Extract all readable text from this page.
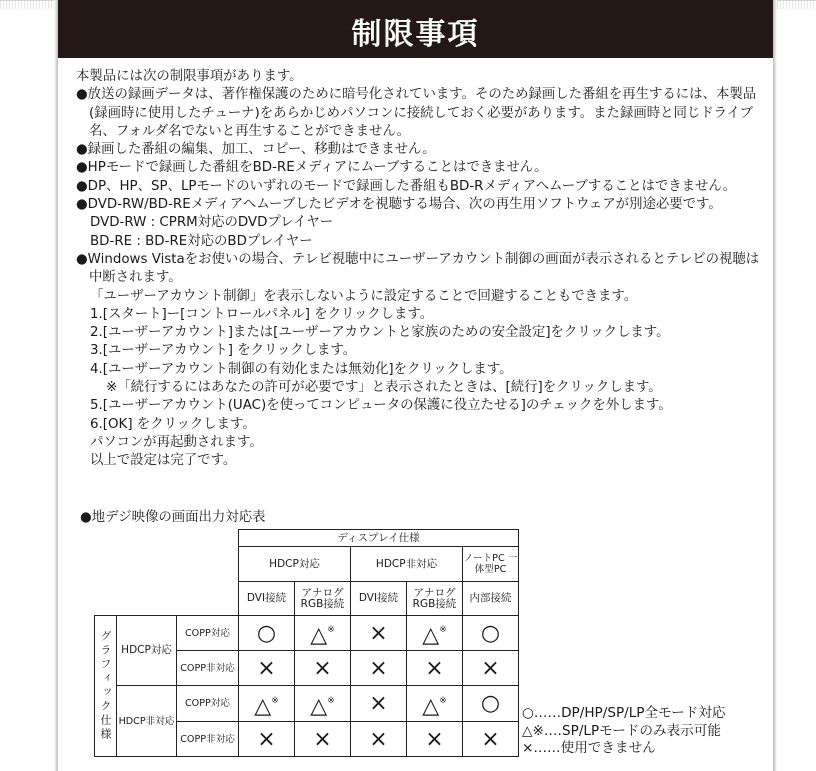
制限事項

本製品には次の制限事項があります。

●放送の録画データは、著作権保護のために暗号化されています。そのため録画した番組を再生するには、本製品(録画時に使用したチューナ)をあらかじめパソコンに接続しておく必要があります。また録画時と同じドライブ名、フォルダ名でないと再生することができません。

●録画した番組の編集、加工、コピー、移動はできません。

●HPモードで録画した番組をBD-REメディアにムーブすることはできません。

●DP、HP、SP、LPモードのいずれのモードで録画した番組もBD-Rメディアへムーブすることはできません。

●DVD-RW/BD-REメディアへムーブしたビデオを視聴する場合、次の再生用ソフトウェアが別途必要です。

DVD-RW : CPRM対応のDVDプレイヤー

BD-RE : BD-RE対応のBDプレイヤー

●Windows Vistaをお使いの場合、テレビ視聴中にユーザーアカウント制御の画面が表示されるとテレビの視聴は中断されます。

「ユーザーアカウント制御」を表示しないように設定することで回避することもできます。

1.[スタート]ー[コントロールパネル] をクリックします。

2.[ユーザーアカウント]または[ユーザーアカウントと家族のための安全設定]をクリックします。

3.[ユーザーアカウント] をクリックします。

4.[ユーザーアカウント制御の有効化または無効化]をクリックします。

※「続行するにはあなたの許可が必要です」と表示されたときは、[続行]をクリックします。

5.[ユーザーアカウント(UAC)を使ってコンピュータの保護に役立たせる]のチェックを外します。

6.[OK] をクリックします。

パソコンが再起動されます。

以上で設定は完了です。

●地デジ映像の画面出力対応表
			ディスプレイ仕様				
			HDCP対応		HDCP非対応		ノートPC 一体型PC
			DVI接続	アナログ RGB接続	DVI接続	アナログ RGB接続	内部接続
グラフィック仕様	HDCP対応	COPP対応	○	△※	×	△※	○
		COPP非対応	×	×	×	×	×
	HDCP非対応	COPP対応	△※	△※	×	△※	○
		COPP非対応	×	×	×	×	×

○‥‥‥DP/HP/SP/LP全モード対応

△※‥‥SP/LPモードのみ表示可能

×‥‥‥使用できません
